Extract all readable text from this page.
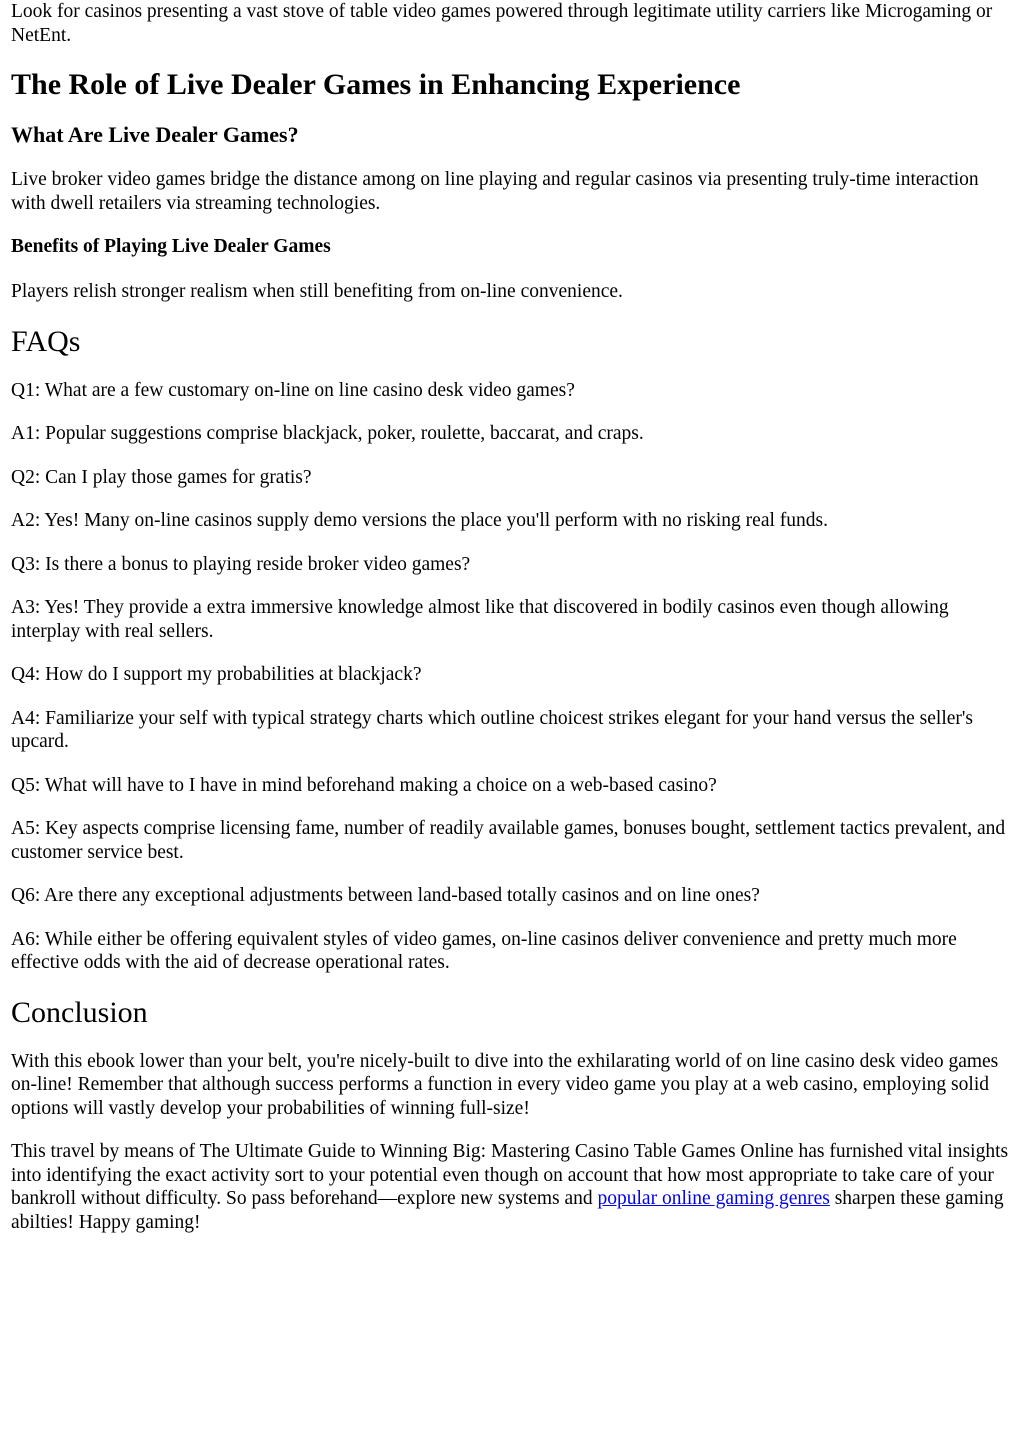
Look for casinos presenting a vast stove of table video games powered through legitimate utility carriers like Microgaming or NetEnt.

The Role of Live Dealer Games in Enhancing Experience
What Are Live Dealer Games?

Live broker video games bridge the distance among on line playing and regular casinos via presenting truly-time interaction with dwell retailers via streaming technologies.

Benefits of Playing Live Dealer Games

Players relish stronger realism when still benefiting from on-line convenience.

FAQs

Q1: What are a few customary on-line on line casino desk video games?

A1: Popular suggestions comprise blackjack, poker, roulette, baccarat, and craps.

Q2: Can I play those games for gratis?

A2: Yes! Many on-line casinos supply demo versions the place you'll perform with no risking real funds.

Q3: Is there a bonus to playing reside broker video games?

A3: Yes! They provide a extra immersive knowledge almost like that discovered in bodily casinos even though allowing interplay with real sellers.

Q4: How do I support my probabilities at blackjack?

A4: Familiarize your self with typical strategy charts which outline choicest strikes elegant for your hand versus the seller's upcard.

Q5: What will have to I have in mind beforehand making a choice on a web-based casino?

A5: Key aspects comprise licensing fame, number of readily available games, bonuses bought, settlement tactics prevalent, and customer service best.

Q6: Are there any exceptional adjustments between land-based totally casinos and on line ones?

A6: While either be offering equivalent styles of video games, on-line casinos deliver convenience and pretty much more effective odds with the aid of decrease operational rates.

Conclusion

With this ebook lower than your belt, you're nicely-built to dive into the exhilarating world of on line casino desk video games on-line! Remember that although success performs a function in every video game you play at a web casino, employing solid options will vastly develop your probabilities of winning full-size!

This travel by means of The Ultimate Guide to Winning Big: Mastering Casino Table Games Online has furnished vital insights into identifying the exact activity sort to your potential even though on account that how most appropriate to take care of your bankroll without difficulty. So pass beforehand—explore new systems and popular online gaming genres sharpen these gaming abilties! Happy gaming!
